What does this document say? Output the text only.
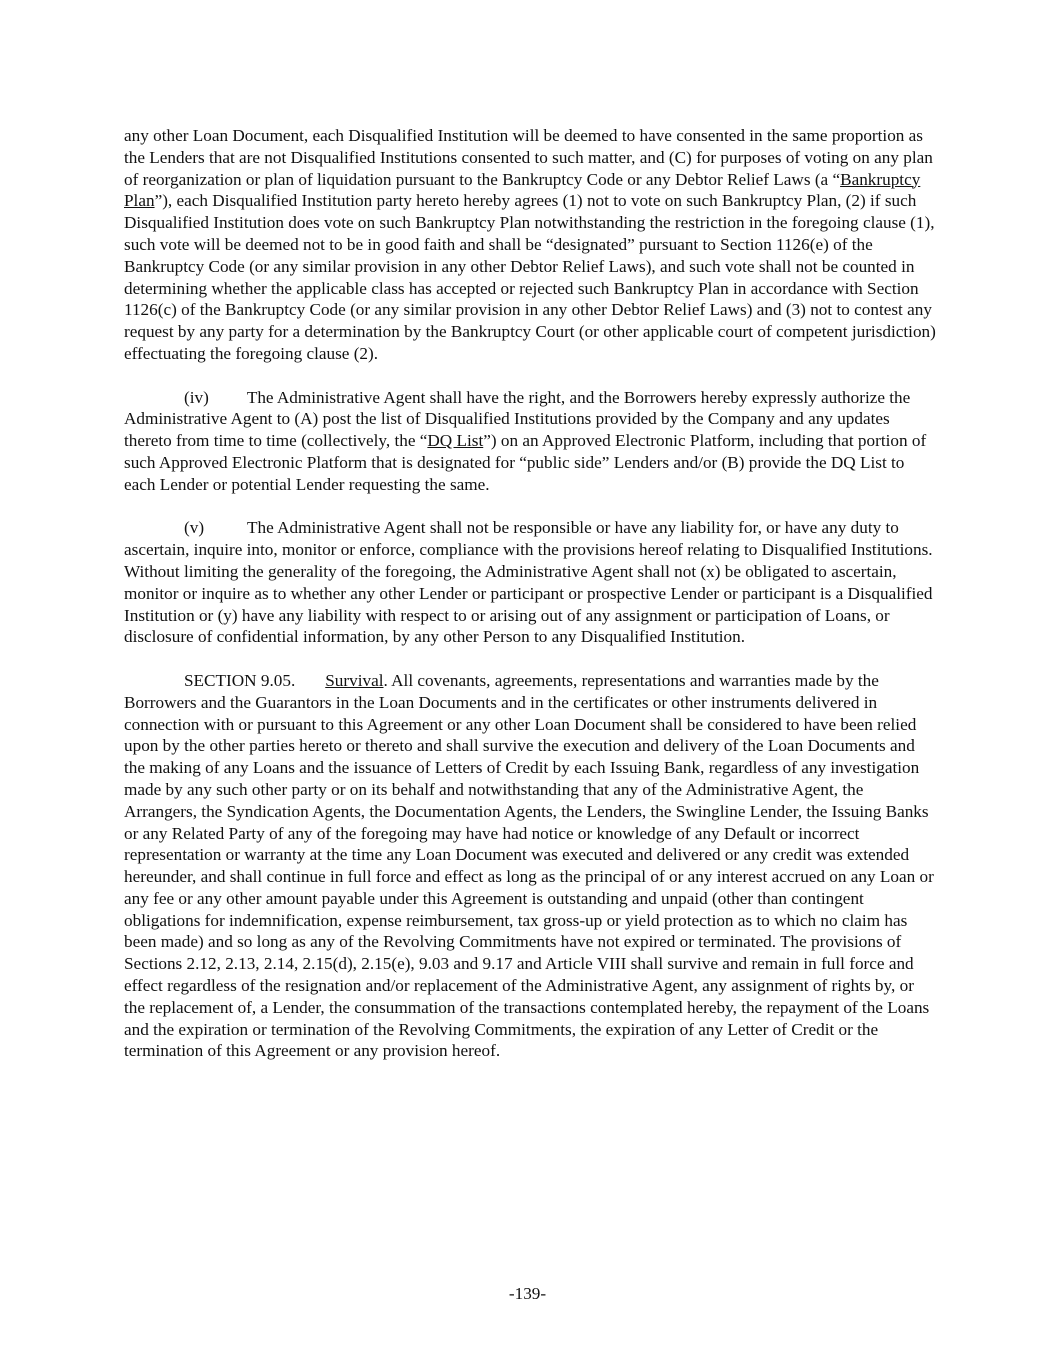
any other Loan Document, each Disqualified Institution will be deemed to have consented in the same proportion as the Lenders that are not Disqualified Institutions consented to such matter, and (C) for purposes of voting on any plan of reorganization or plan of liquidation pursuant to the Bankruptcy Code or any Debtor Relief Laws (a “Bankruptcy Plan”), each Disqualified Institution party hereto hereby agrees (1) not to vote on such Bankruptcy Plan, (2) if such Disqualified Institution does vote on such Bankruptcy Plan notwithstanding the restriction in the foregoing clause (1), such vote will be deemed not to be in good faith and shall be “designated” pursuant to Section 1126(e) of the Bankruptcy Code (or any similar provision in any other Debtor Relief Laws), and such vote shall not be counted in determining whether the applicable class has accepted or rejected such Bankruptcy Plan in accordance with Section 1126(c) of the Bankruptcy Code (or any similar provision in any other Debtor Relief Laws) and (3) not to contest any request by any party for a determination by the Bankruptcy Court (or other applicable court of competent jurisdiction) effectuating the foregoing clause (2).

(iv) The Administrative Agent shall have the right, and the Borrowers hereby expressly authorize the Administrative Agent to (A) post the list of Disqualified Institutions provided by the Company and any updates thereto from time to time (collectively, the “DQ List”) on an Approved Electronic Platform, including that portion of such Approved Electronic Platform that is designated for “public side” Lenders and/or (B) provide the DQ List to each Lender or potential Lender requesting the same.

(v)	The Administrative Agent shall not be responsible or have any liability for, or have any duty to ascertain, inquire into, monitor or enforce, compliance with the provisions hereof relating to Disqualified Institutions. Without limiting the generality of the foregoing, the Administrative Agent shall not (x) be obligated to ascertain, monitor or inquire as to whether any other Lender or participant or prospective Lender or participant is a Disqualified Institution or (y) have any liability with respect to or arising out of any assignment or participation of Loans, or disclosure of confidential information, by any other Person to any Disqualified Institution.

SECTION 9.05. Survival. All covenants, agreements, representations and warranties made by the Borrowers and the Guarantors in the Loan Documents and in the certificates or other instruments delivered in connection with or pursuant to this Agreement or any other Loan Document shall be considered to have been relied upon by the other parties hereto or thereto and shall survive the execution and delivery of the Loan Documents and the making of any Loans and the issuance of Letters of Credit by each Issuing Bank, regardless of any investigation made by any such other party or on its behalf and notwithstanding that any of the Administrative Agent, the Arrangers, the Syndication Agents, the Documentation Agents, the Lenders, the Swingline Lender, the Issuing Banks or any Related Party of any of the foregoing may have had notice or knowledge of any Default or incorrect representation or warranty at the time any Loan Document was executed and delivered or any credit was extended hereunder, and shall continue in full force and effect as long as the principal of or any interest accrued on any Loan or any fee or any other amount payable under this Agreement is outstanding and unpaid (other than contingent obligations for indemnification, expense reimbursement, tax gross-up or yield protection as to which no claim has been made) and so long as any of the Revolving Commitments have not expired or terminated. The provisions of Sections 2.12, 2.13, 2.14, 2.15(d), 2.15(e), 9.03 and 9.17 and Article VIII shall survive and remain in full force and effect regardless of the resignation and/or replacement of the Administrative Agent, any assignment of rights by, or the replacement of, a Lender, the consummation of the transactions contemplated hereby, the repayment of the Loans and the expiration or termination of the Revolving Commitments, the expiration of any Letter of Credit or the termination of this Agreement or any provision hereof.

-139-
